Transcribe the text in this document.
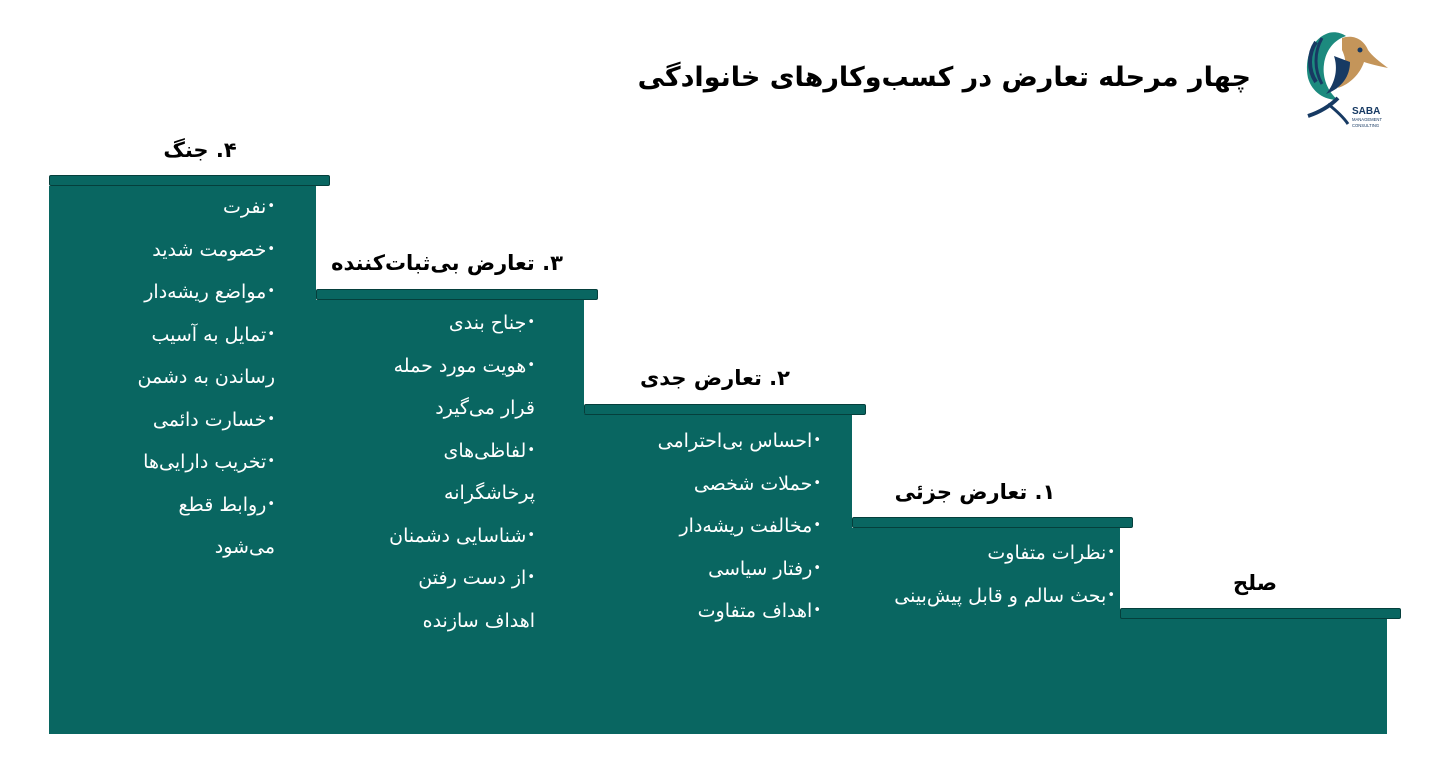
چهار مرحله تعارض در کسب‌وکارهای خانوادگی
SABA
MANAGEMENT
CONSULTING
۴. جنگ
•نفرت
•خصومت شدید
•مواضع ریشه‌دار
•تمایل به آسیب
رساندن به دشمن
•خسارت دائمی
•تخریب دارایی‌ها
•روابط قطع
می‌شود
۳. تعارض بی‌ثبات‌کننده
•جناح بندی
•هویت مورد حمله
قرار می‌گیرد
•لفاظی‌های
پرخاشگرانه
•شناسایی دشمنان
•از دست رفتن
اهداف سازنده
۲. تعارض جدی
•احساس بی‌احترامی
•حملات شخصی
•مخالفت ریشه‌دار
•رفتار سیاسی
•اهداف متفاوت
۱. تعارض جزئی
•نظرات متفاوت
•بحث سالم و قابل پیش‌بینی
صلح
